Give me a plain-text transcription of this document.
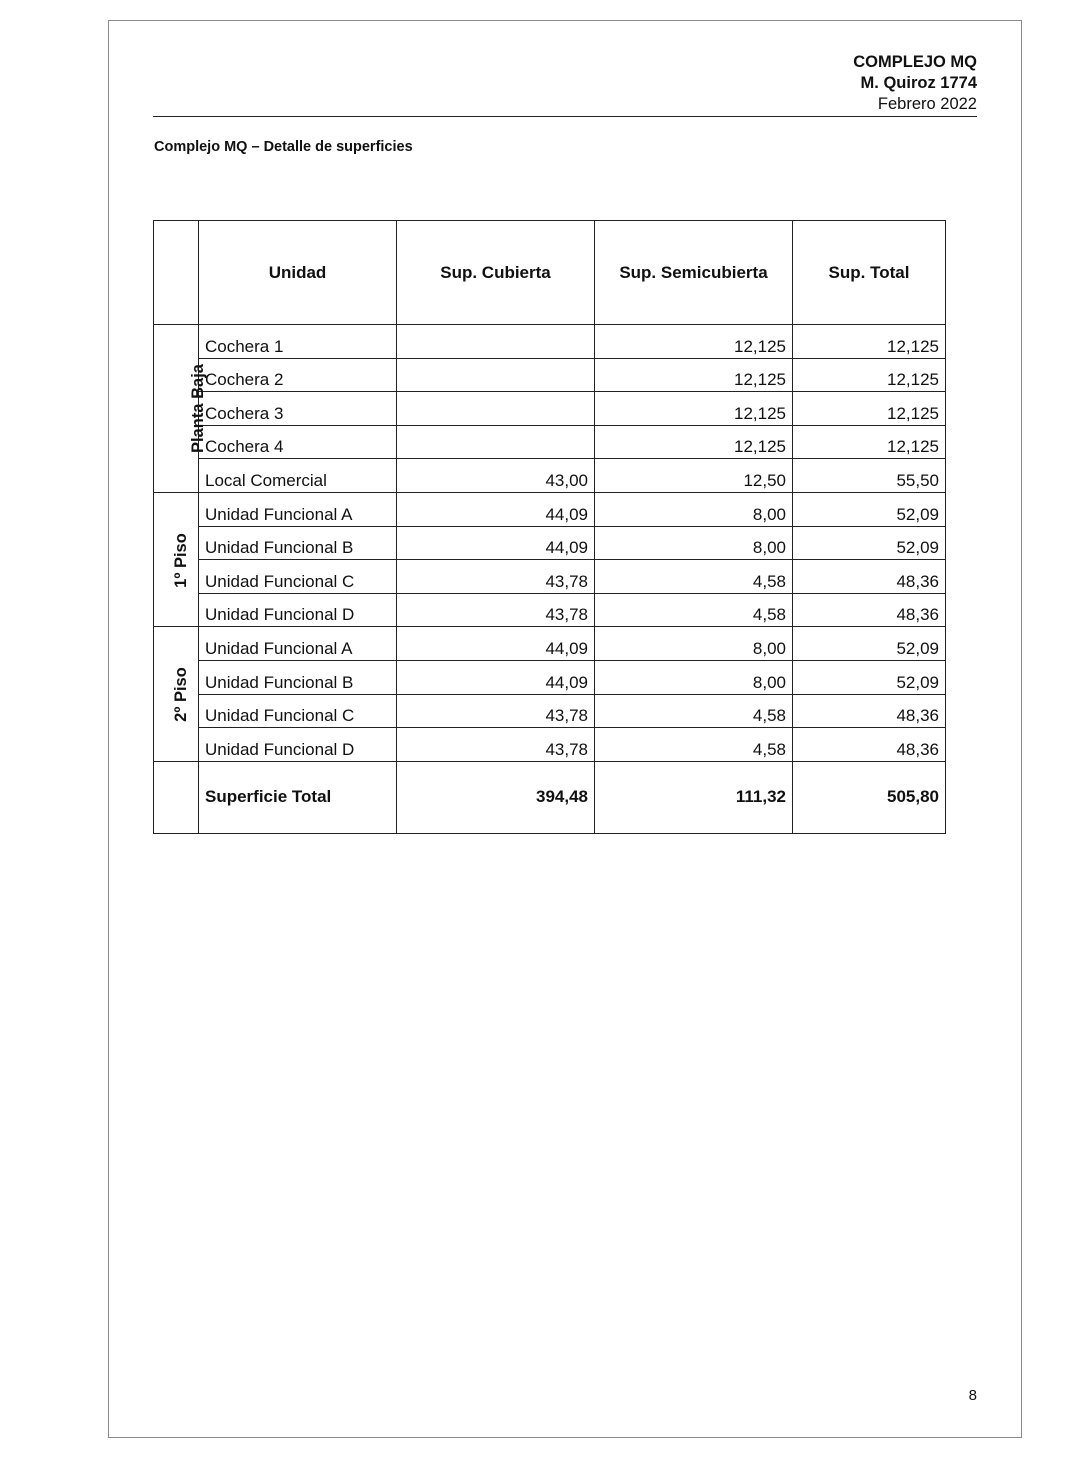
COMPLEJO MQ
M. Quiroz 1774
Febrero 2022
Complejo MQ – Detalle de superficies
	Unidad	Sup. Cubierta	Sup. Semicubierta	Sup. Total
Planta Baja	Cochera 1		12,125	12,125
	Cochera 2		12,125	12,125
	Cochera 3		12,125	12,125
	Cochera 4		12,125	12,125
	Local Comercial	43,00	12,50	55,50
1º Piso	Unidad Funcional A	44,09	8,00	52,09
	Unidad Funcional B	44,09	8,00	52,09
	Unidad Funcional C	43,78	4,58	48,36
	Unidad Funcional D	43,78	4,58	48,36
2º Piso	Unidad Funcional A	44,09	8,00	52,09
	Unidad Funcional B	44,09	8,00	52,09
	Unidad Funcional C	43,78	4,58	48,36
	Unidad Funcional D	43,78	4,58	48,36
	Superficie Total	394,48	111,32	505,80
8
